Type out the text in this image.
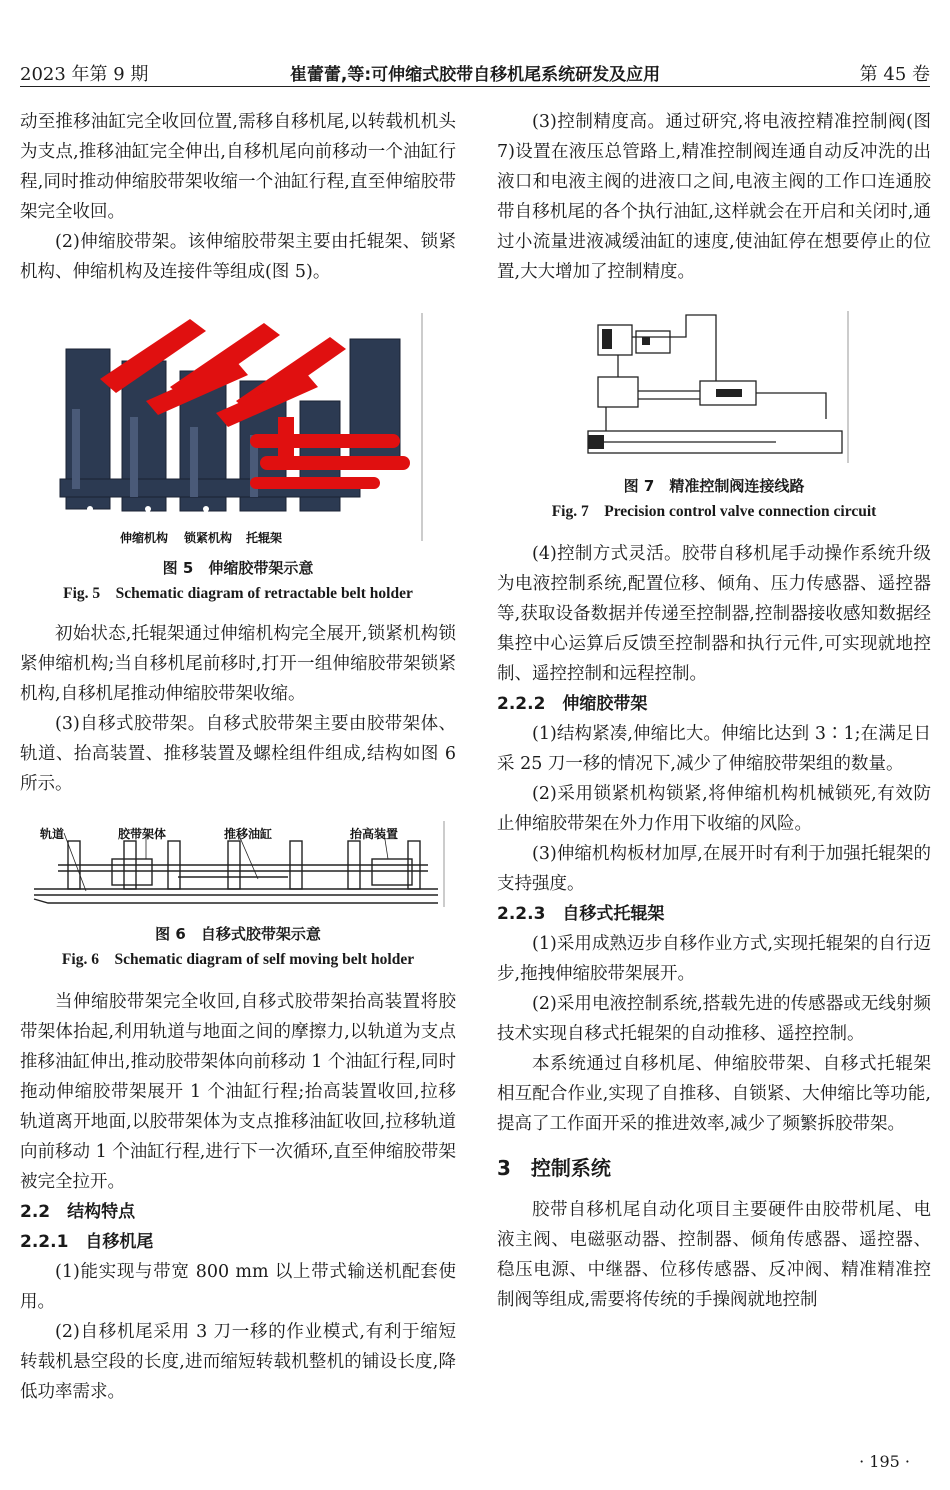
2023 年第 9 期	崔蕾蕾,等:可伸缩式胶带自移机尾系统研发及应用	第 45 卷

动至推移油缸完全收回位置,需移自移机尾,以转载机机头为支点,推移油缸完全伸出,自移机尾向前移动一个油缸行程,同时推动伸缩胶带架收缩一个油缸行程,直至伸缩胶带架完全收回。

(2)伸缩胶带架。该伸缩胶带架主要由托辊架、锁紧机构、伸缩机构及连接件等组成(图 5)。

伸缩机构 锁紧机构 托辊架
图 5　伸缩胶带架示意
Fig. 5　Schematic diagram of retractable belt holder

初始状态,托辊架通过伸缩机构完全展开,锁紧机构锁紧伸缩机构;当自移机尾前移时,打开一组伸缩胶带架锁紧机构,自移机尾推动伸缩胶带架收缩。

(3)自移式胶带架。自移式胶带架主要由胶带架体、轨道、抬高装置、推移装置及螺栓组件组成,结构如图 6 所示。

轨道	胶带架体	推移油缸	抬高装置
图 6　自移式胶带架示意
Fig. 6　Schematic diagram of self moving belt holder

当伸缩胶带架完全收回,自移式胶带架抬高装置将胶带架体抬起,利用轨道与地面之间的摩擦力,以轨道为支点推移油缸伸出,推动胶带架体向前移动 1 个油缸行程,同时拖动伸缩胶带架展开 1 个油缸行程;抬高装置收回,拉移轨道离开地面,以胶带架体为支点推移油缸收回,拉移轨道向前移动 1 个油缸行程,进行下一次循环,直至伸缩胶带架被完全拉开。

2.2　结构特点

2.2.1　自移机尾

(1)能实现与带宽 800 mm 以上带式输送机配套使用。

(2)自移机尾采用 3 刀一移的作业模式,有利于缩短转载机悬空段的长度,进而缩短转载机整机的铺设长度,降低功率需求。

(3)控制精度高。通过研究,将电液控精准控制阀(图 7)设置在液压总管路上,精准控制阀连通自动反冲洗的出液口和电液主阀的进液口之间,电液主阀的工作口连通胶带自移机尾的各个执行油缸,这样就会在开启和关闭时,通过小流量进液减缓油缸的速度,使油缸停在想要停止的位置,大大增加了控制精度。

图 7　精准控制阀连接线路
Fig. 7　Precision control valve connection circuit

(4)控制方式灵活。胶带自移机尾手动操作系统升级为电液控制系统,配置位移、倾角、压力传感器、遥控器等,获取设备数据并传递至控制器,控制器接收感知数据经集控中心运算后反馈至控制器和执行元件,可实现就地控制、遥控控制和远程控制。

2.2.2　伸缩胶带架

(1)结构紧凑,伸缩比大。伸缩比达到 3∶1;在满足日采 25 刀一移的情况下,减少了伸缩胶带架组的数量。

(2)采用锁紧机构锁紧,将伸缩机构机械锁死,有效防止伸缩胶带架在外力作用下收缩的风险。

(3)伸缩机构板材加厚,在展开时有利于加强托辊架的支持强度。

2.2.3　自移式托辊架

(1)采用成熟迈步自移作业方式,实现托辊架的自行迈步,拖拽伸缩胶带架展开。

(2)采用电液控制系统,搭载先进的传感器或无线射频技术实现自移式托辊架的自动推移、遥控控制。

本系统通过自移机尾、伸缩胶带架、自移式托辊架相互配合作业,实现了自推移、自锁紧、大伸缩比等功能,提高了工作面开采的推进效率,减少了频繁拆胶带架。

3　控制系统

胶带自移机尾自动化项目主要硬件由胶带机尾、电液主阀、电磁驱动器、控制器、倾角传感器、遥控器、稳压电源、中继器、位移传感器、反冲阀、精准精准控制阀等组成,需要将传统的手操阀就地控制

· 195 ·
